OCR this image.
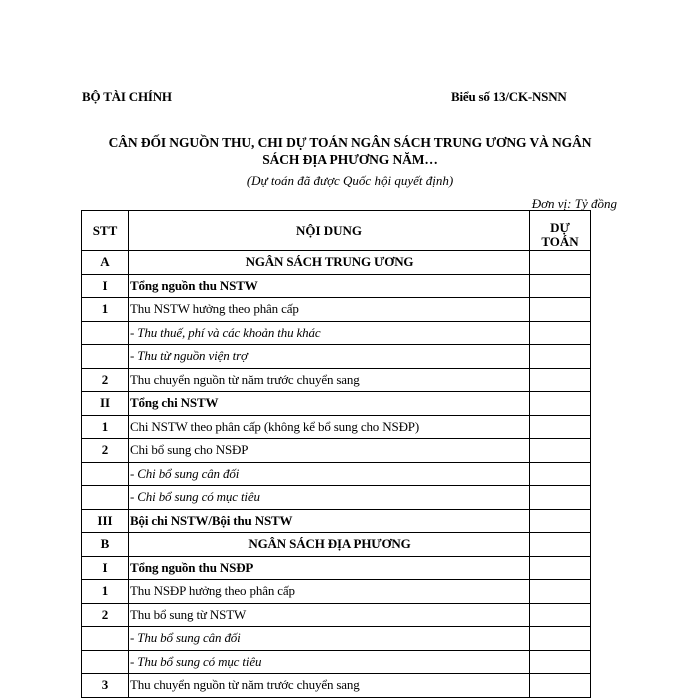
BỘ TÀI CHÍNH	Biểu số 13/CK-NSNN
CÂN ĐỐI NGUỒN THU, CHI DỰ TOÁN NGÂN SÁCH TRUNG ƯƠNG VÀ NGÂN
SÁCH ĐỊA PHƯƠNG NĂM…
(Dự toán đã được Quốc hội quyết định)
Đơn vị: Tỷ đồng
STT	NỘI DUNG	DỰ TOÁN
A	NGÂN SÁCH TRUNG ƯƠNG	
I	Tổng nguồn thu NSTW	
1	Thu NSTW hưởng theo phân cấp	
	- Thu thuế, phí và các khoản thu khác	
	- Thu từ nguồn viện trợ	
2	Thu chuyển nguồn từ năm trước chuyển sang	
II	Tổng chi NSTW	
1	Chi NSTW theo phân cấp (không kể bổ sung cho NSĐP)	
2	Chi bổ sung cho NSĐP	
	- Chi bổ sung cân đối	
	- Chi bổ sung có mục tiêu	
III	Bội chi NSTW/Bội thu NSTW	
B	NGÂN SÁCH ĐỊA PHƯƠNG	
I	Tổng nguồn thu NSĐP	
1	Thu NSĐP hưởng theo phân cấp	
2	Thu bổ sung từ NSTW	
	- Thu bổ sung cân đối	
	- Thu bổ sung có mục tiêu	
3	Thu chuyển nguồn từ năm trước chuyển sang	
